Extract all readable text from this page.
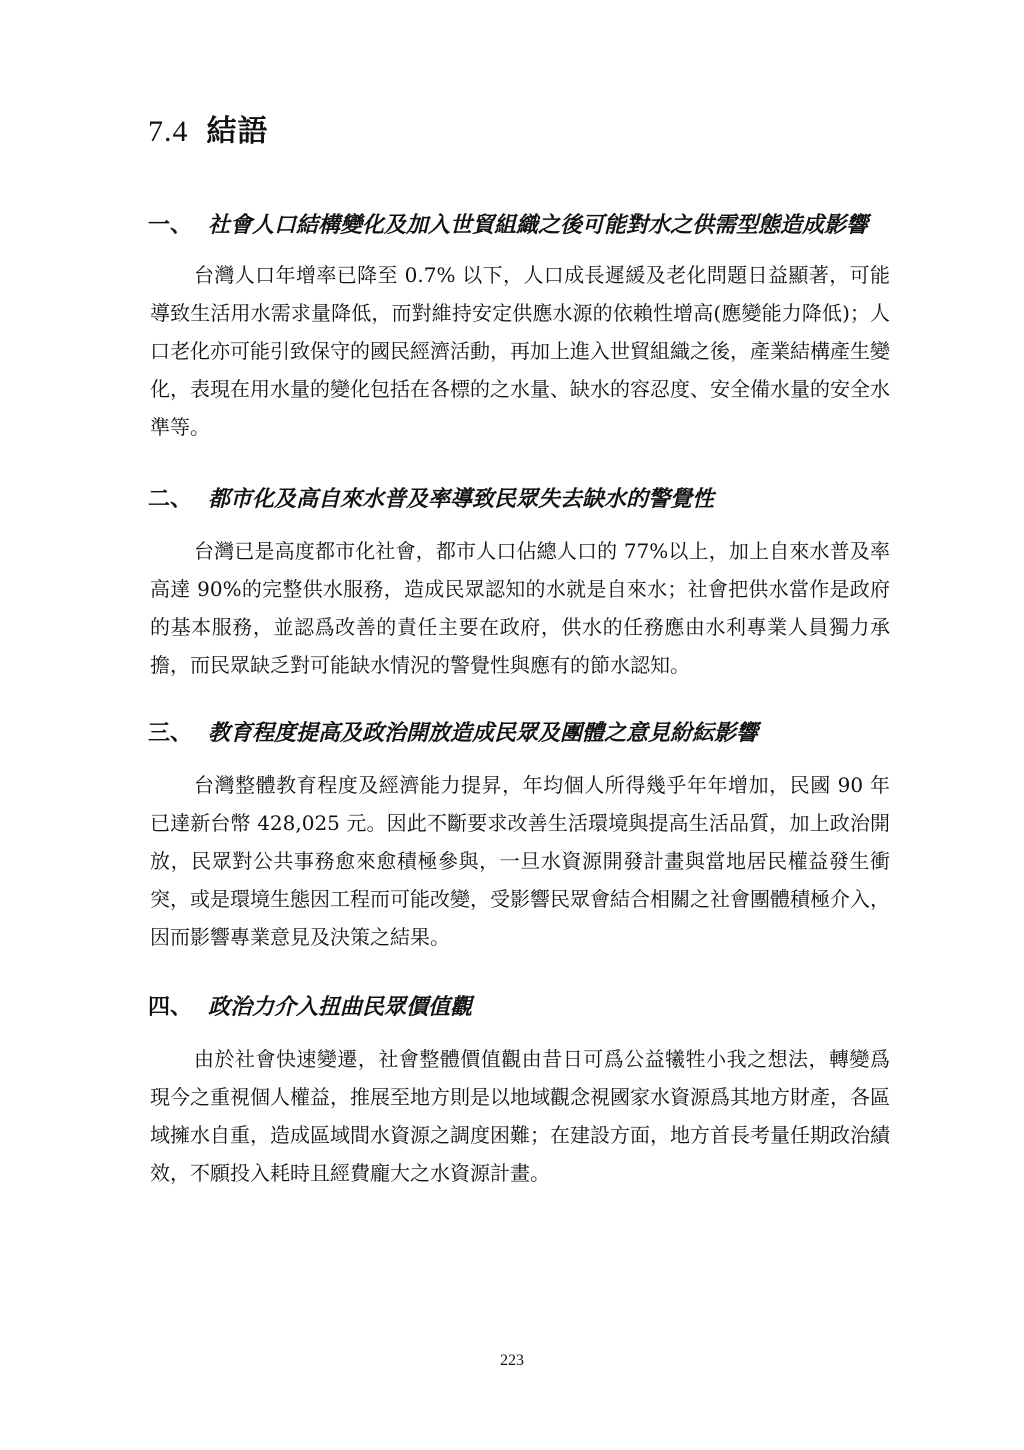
7.4 結語
一、 社會人口結構變化及加入世貿組織之後可能對水之供需型態造成影響

台灣人口年增率已降至 0.7% 以下，人口成長遲緩及老化問題日益顯著，可能導致生活用水需求量降低，而對維持安定供應水源的依賴性增高(應變能力降低)；人口老化亦可能引致保守的國民經濟活動，再加上進入世貿組織之後，產業結構產生變化，表現在用水量的變化包括在各標的之水量、缺水的容忍度、安全備水量的安全水準等。

二、 都市化及高自來水普及率導致民眾失去缺水的警覺性

台灣已是高度都市化社會，都市人口佔總人口的 77%以上，加上自來水普及率高達 90%的完整供水服務，造成民眾認知的水就是自來水；社會把供水當作是政府的基本服務，並認爲改善的責任主要在政府，供水的任務應由水利專業人員獨力承擔，而民眾缺乏對可能缺水情況的警覺性與應有的節水認知。

三、 教育程度提高及政治開放造成民眾及團體之意見紛紜影響

台灣整體教育程度及經濟能力提昇，年均個人所得幾乎年年增加，民國 90 年已達新台幣 428,025 元。因此不斷要求改善生活環境與提高生活品質，加上政治開放，民眾對公共事務愈來愈積極參與，一旦水資源開發計畫與當地居民權益發生衝突，或是環境生態因工程而可能改變，受影響民眾會結合相關之社會團體積極介入，因而影響專業意見及決策之結果。

四、 政治力介入扭曲民眾價值觀

由於社會快速變遷，社會整體價值觀由昔日可爲公益犧牲小我之想法，轉變爲現今之重視個人權益，推展至地方則是以地域觀念視國家水資源爲其地方財產，各區域擁水自重，造成區域間水資源之調度困難；在建設方面，地方首長考量任期政治績效，不願投入耗時且經費龐大之水資源計畫。

223
